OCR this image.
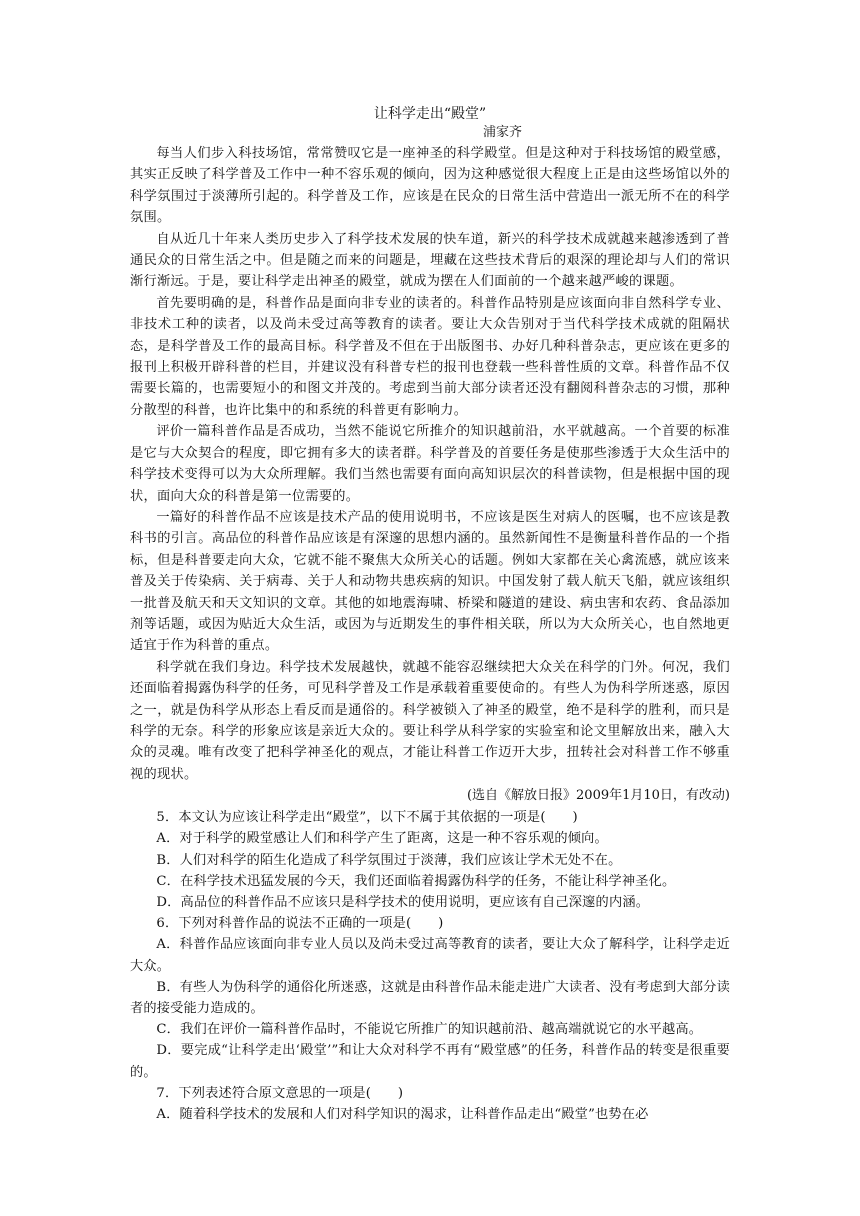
让科学走出“殿堂”

浦家齐

每当人们步入科技场馆，常常赞叹它是一座神圣的科学殿堂。但是这种对于科技场馆的殿堂感，其实正反映了科学普及工作中一种不容乐观的倾向，因为这种感觉很大程度上正是由这些场馆以外的科学氛围过于淡薄所引起的。科学普及工作，应该是在民众的日常生活中营造出一派无所不在的科学氛围。

自从近几十年来人类历史步入了科学技术发展的快车道，新兴的科学技术成就越来越渗透到了普通民众的日常生活之中。但是随之而来的问题是，埋藏在这些技术背后的艰深的理论却与人们的常识渐行渐远。于是，要让科学走出神圣的殿堂，就成为摆在人们面前的一个越来越严峻的课题。

首先要明确的是，科普作品是面向非专业的读者的。科普作品特别是应该面向非自然科学专业、非技术工种的读者，以及尚未受过高等教育的读者。要让大众告别对于当代科学技术成就的阻隔状态，是科学普及工作的最高目标。科学普及不但在于出版图书、办好几种科普杂志，更应该在更多的报刊上积极开辟科普的栏目，并建议没有科普专栏的报刊也登载一些科普性质的文章。科普作品不仅需要长篇的，也需要短小的和图文并茂的。考虑到当前大部分读者还没有翻阅科普杂志的习惯，那种分散型的科普，也许比集中的和系统的科普更有影响力。

评价一篇科普作品是否成功，当然不能说它所推介的知识越前沿，水平就越高。一个首要的标准是它与大众契合的程度，即它拥有多大的读者群。科学普及的首要任务是使那些渗透于大众生活中的科学技术变得可以为大众所理解。我们当然也需要有面向高知识层次的科普读物，但是根据中国的现状，面向大众的科普是第一位需要的。

一篇好的科普作品不应该是技术产品的使用说明书，不应该是医生对病人的医嘱，也不应该是教科书的引言。高品位的科普作品应该是有深邃的思想内涵的。虽然新闻性不是衡量科普作品的一个指标，但是科普要走向大众，它就不能不聚焦大众所关心的话题。例如大家都在关心禽流感，就应该来普及关于传染病、关于病毒、关于人和动物共患疾病的知识。中国发射了载人航天飞船，就应该组织一批普及航天和天文知识的文章。其他的如地震海啸、桥梁和隧道的建设、病虫害和农药、食品添加剂等话题，或因为贴近大众生活，或因为与近期发生的事件相关联，所以为大众所关心，也自然地更适宜于作为科普的重点。

科学就在我们身边。科学技术发展越快，就越不能容忍继续把大众关在科学的门外。何况，我们还面临着揭露伪科学的任务，可见科学普及工作是承载着重要使命的。有些人为伪科学所迷惑，原因之一，就是伪科学从形态上看反而是通俗的。科学被锁入了神圣的殿堂，绝不是科学的胜利，而只是科学的无奈。科学的形象应该是亲近大众的。要让科学从科学家的实验室和论文里解放出来，融入大众的灵魂。唯有改变了把科学神圣化的观点，才能让科普工作迈开大步，扭转社会对科普工作不够重视的现状。

(选自《解放日报》2009年1月10日，有改动)

5．本文认为应该让科学走出“殿堂”，以下不属于其依据的一项是(　　)

A．对于科学的殿堂感让人们和科学产生了距离，这是一种不容乐观的倾向。

B．人们对科学的陌生化造成了科学氛围过于淡薄，我们应该让学术无处不在。

C．在科学技术迅猛发展的今天，我们还面临着揭露伪科学的任务，不能让科学神圣化。

D．高品位的科普作品不应该只是科学技术的使用说明，更应该有自己深邃的内涵。

6．下列对科普作品的说法不正确的一项是(　　)

A．科普作品应该面向非专业人员以及尚未受过高等教育的读者，要让大众了解科学，让科学走近大众。

B．有些人为伪科学的通俗化所迷惑，这就是由科普作品未能走进广大读者、没有考虑到大部分读者的接受能力造成的。

C．我们在评价一篇科普作品时，不能说它所推广的知识越前沿、越高端就说它的水平越高。

D．要完成“让科学走出‘殿堂’”和让大众对科学不再有“殿堂感”的任务，科普作品的转变是很重要的。

7．下列表述符合原文意思的一项是(　　)

A．随着科学技术的发展和人们对科学知识的渴求，让科普作品走出“殿堂”也势在必
